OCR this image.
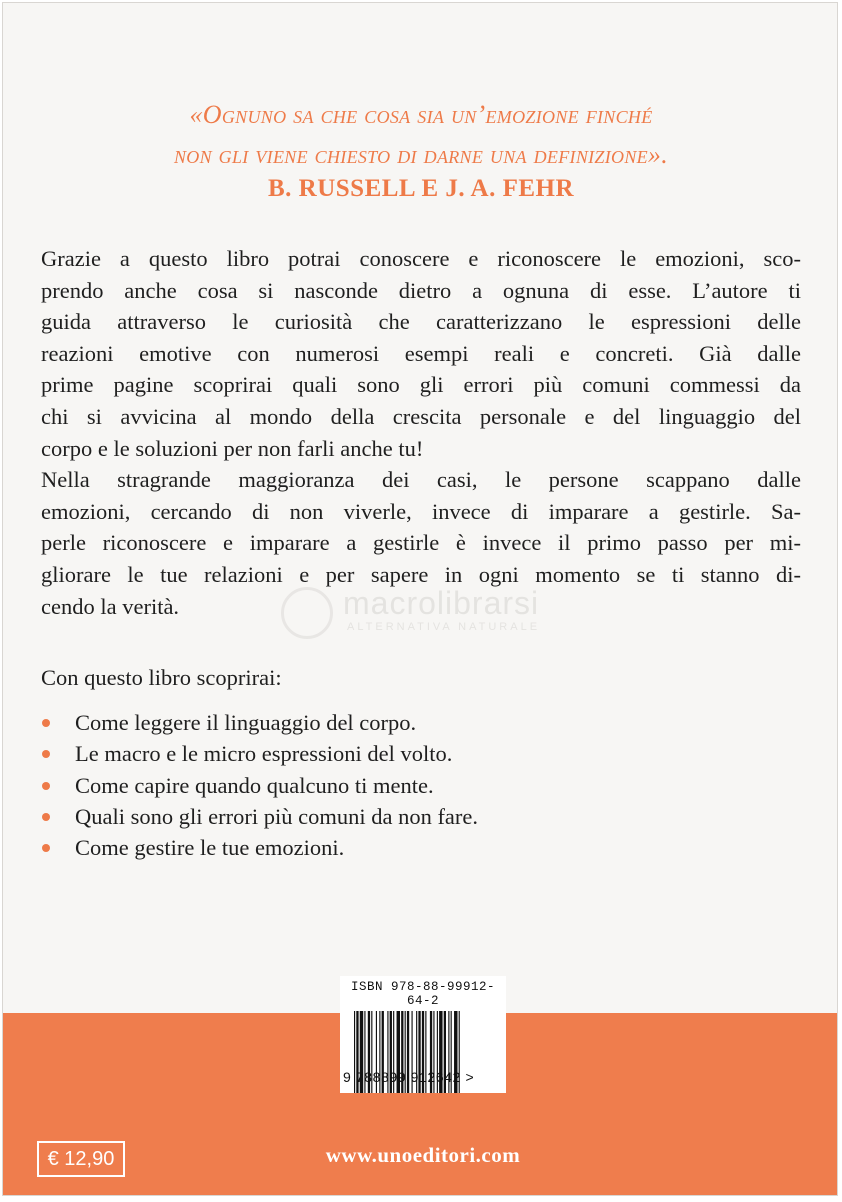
«Ognuno sa che cosa sia un’emozione finché
non gli viene chiesto di darne una definizione».
B. RUSSELL E J. A. FEHR
Grazie a questo libro potrai conoscere e riconoscere le emozioni, sco-
prendo anche cosa si nasconde dietro a ognuna di esse. L’autore ti
guida attraverso le curiosità che caratterizzano le espressioni delle
reazioni emotive con numerosi esempi reali e concreti. Già dalle
prime pagine scoprirai quali sono gli errori più comuni commessi da
chi si avvicina al mondo della crescita personale e del linguaggio del
corpo e le soluzioni per non farli anche tu!
Nella stragrande maggioranza dei casi, le persone scappano dalle
emozioni, cercando di non viverle, invece di imparare a gestirle. Sa-
perle riconoscere e imparare a gestirle è invece il primo passo per mi-
gliorare le tue relazioni e per sapere in ogni momento se ti stanno di-
cendo la verità.	macrolibrarsi
ALTERNATIVA NATURALE
Con questo libro scoprirai:
Come leggere il linguaggio del corpo.
Le macro e le micro espressioni del volto.
Come capire quando qualcuno ti mente.
Quali sono gli errori più comuni da non fare.
Come gestire le tue emozioni.
ISBN 978-88-99912-64-2
9 788899 912642 >
€ 12,90	www.unoeditori.com
